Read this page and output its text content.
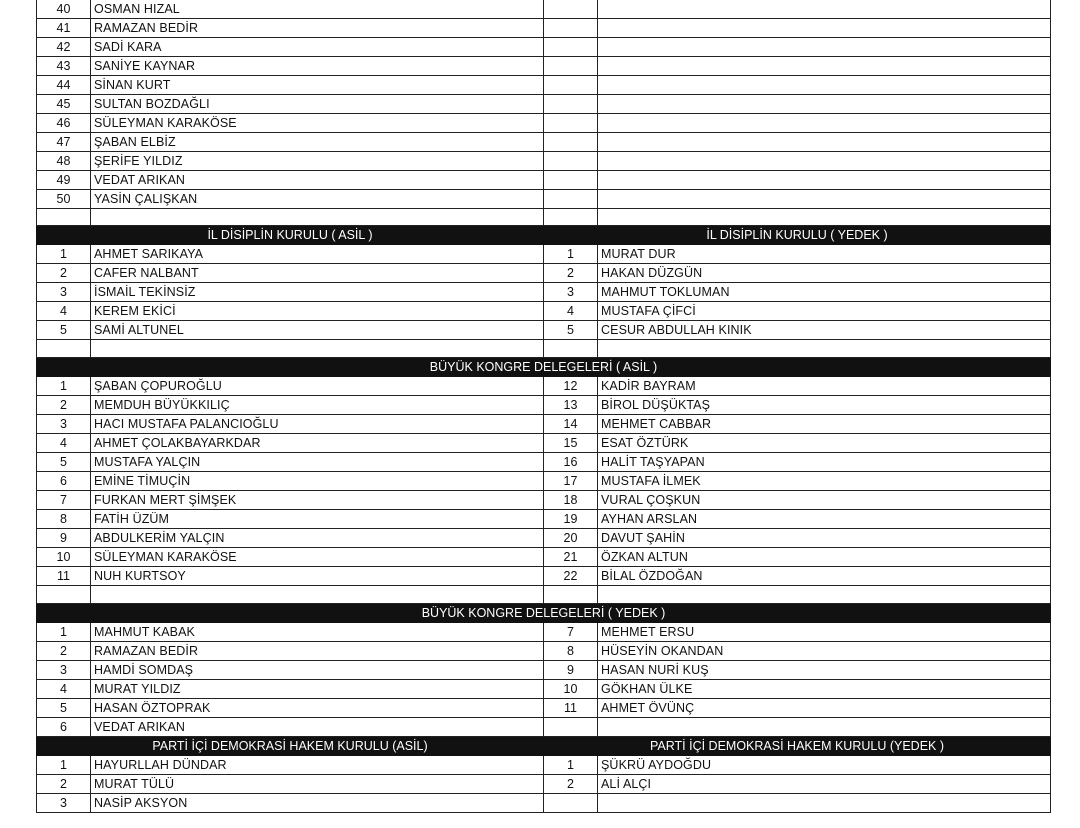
40	OSMAN HIZAL		
41	RAMAZAN BEDİR		
42	SADİ KARA		
43	SANİYE KAYNAR		
44	SİNAN KURT		
45	SULTAN BOZDAĞLI		
46	SÜLEYMAN KARAKÖSE		
47	ŞABAN ELBİZ		
48	ŞERİFE YILDIZ		
49	VEDAT ARIKAN		
50	YASİN ÇALIŞKAN		

İL DİSİPLİN KURULU ( ASİL )		İL DİSİPLİN KURULU ( YEDEK )	
1	AHMET SARIKAYA	1	MURAT DUR
2	CAFER NALBANT	2	HAKAN DÜZGÜN
3	İSMAİL TEKİNSİZ	3	MAHMUT TOKLUMAN
4	KEREM EKİCİ	4	MUSTAFA ÇİFCİ
5	SAMİ ALTUNEL	5	CESUR ABDULLAH KINIK

BÜYÜK KONGRE DELEGELERİ ( ASİL )			
1	ŞABAN ÇOPUROĞLU	12	KADİR BAYRAM
2	MEMDUH BÜYÜKKILIÇ	13	BİROL DÜŞÜKTAŞ
3	HACI MUSTAFA PALANCIOĞLU	14	MEHMET CABBAR
4	AHMET ÇOLAKBAYARKDAR	15	ESAT ÖZTÜRK
5	MUSTAFA YALÇIN	16	HALİT TAŞYAPAN
6	EMİNE TİMUÇİN	17	MUSTAFA İLMEK
7	FURKAN MERT ŞİMŞEK	18	VURAL ÇOŞKUN
8	FATİH ÜZÜM	19	AYHAN ARSLAN
9	ABDULKERİM YALÇIN	20	DAVUT ŞAHİN
10	SÜLEYMAN KARAKÖSE	21	ÖZKAN ALTUN
11	NUH KURTSOY	22	BİLAL ÖZDOĞAN

BÜYÜK KONGRE DELEGELERİ ( YEDEK )			
1	MAHMUT KABAK	7	MEHMET ERSU
2	RAMAZAN BEDİR	8	HÜSEYİN OKANDAN
3	HAMDİ SOMDAŞ	9	HASAN NURİ KUŞ
4	MURAT YILDIZ	10	GÖKHAN ÜLKE
5	HASAN ÖZTOPRAK	11	AHMET ÖVÜNÇ
6	VEDAT ARIKAN		
PARTİ İÇİ DEMOKRASİ HAKEM KURULU (ASİL)		PARTİ İÇİ DEMOKRASİ HAKEM KURULU (YEDEK )	
1	HAYURLLAH DÜNDAR	1	ŞÜKRÜ AYDOĞDU
2	MURAT TÜLÜ	2	ALİ ALÇI
3	NASİP AKSYON		
